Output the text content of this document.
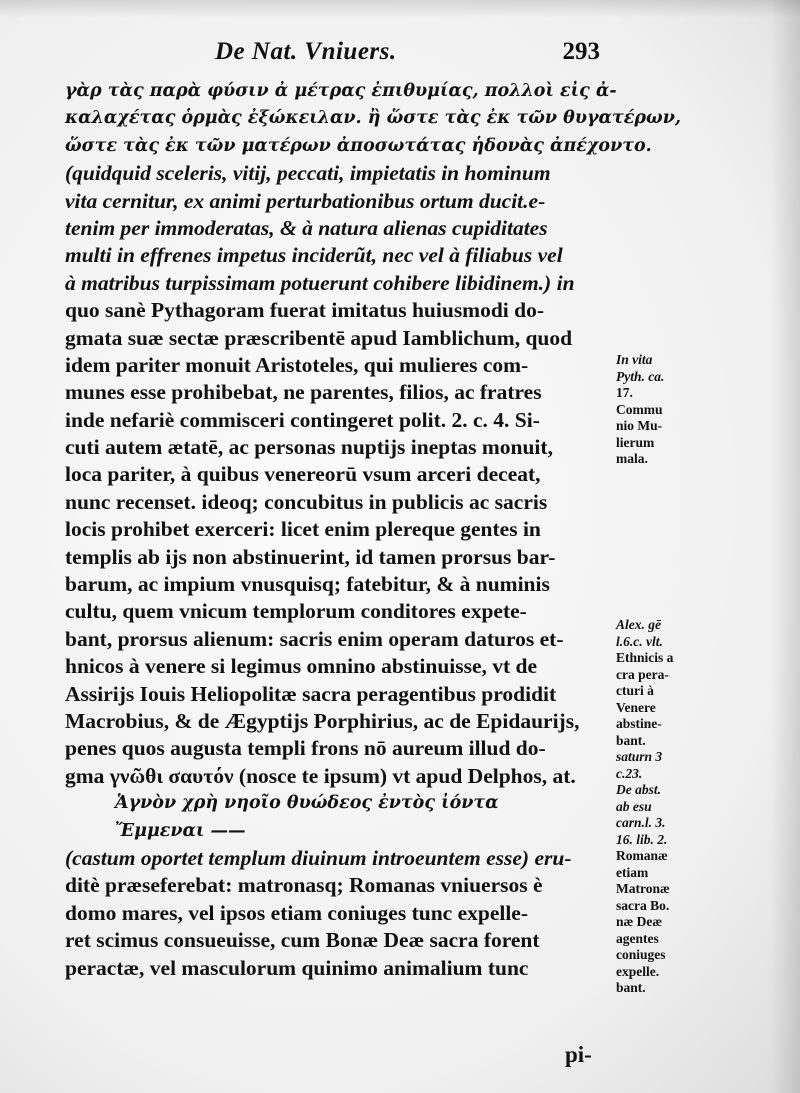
De Nat. Vniuers.	293
γὰρ τὰς παρὰ φύσιν ἀ μέτρας ἐπιθυμίας, πολλοὶ εἰς ἀ-
καλαχέτας ὁρμὰς ἐξώκειλαν. ἢ ὥστε τὰς ἐκ τῶν θυγατέρων,
ὥστε τὰς ἐκ τῶν ματέρων ἀποσωτάτας ἡδονὰς ἀπέχοντο.
(quidquid sceleris, vitij, peccati, impietatis in hominum
vita cernitur, ex animi perturbationibus ortum ducit.e-
tenim per immoderatas, & à natura alienas cupiditates
multi in effrenes impetus inciderũt, nec vel à filiabus vel
à matribus turpissimam potuerunt cohibere libidinem.) in
quo sanè Pythagoram fuerat imitatus huiusmodi do-
gmata suæ sectæ præscribentē apud Iamblichum, quod
idem pariter monuit Aristoteles, qui mulieres com-
munes esse prohibebat, ne parentes, filios, ac fratres
inde nefariè commisceri contingeret polit. 2. c. 4. Si-
cuti autem ætatē, ac personas nuptijs ineptas monuit,
loca pariter, à quibus venereorū vsum arceri deceat,
nunc recenset. ideoq; concubitus in publicis ac sacris
locis prohibet exerceri: licet enim plereque gentes in
templis ab ijs non abstinuerint, id tamen prorsus bar-
barum, ac impium vnusquisq; fatebitur, & à numinis
cultu, quem vnicum templorum conditores expete-
bant, prorsus alienum: sacris enim operam daturos et-
hnicos à venere si legimus omnino abstinuisse, vt de
Assirijs Iouis Heliopolitæ sacra peragentibus prodidit
Macrobius, & de Ægyptijs Porphirius, ac de Epidaurijs,
penes quos augusta templi frons nō aureum illud do-
gma γνῶθι σαυτόν (nosce te ipsum) vt apud Delphos, at.
Ἁγνὸν χρὴ νηοῖο θυώδεος ἐντὸς ἰόντα
Ἔμμεναι ——
(castum oportet templum diuinum introeuntem esse) eru-
ditè præseferebat: matronasq; Romanas vniuersos è
domo mares, vel ipsos etiam coniuges tunc expelle-
ret scimus consueuisse, cum Bonæ Deæ sacra forent
peractæ, vel masculorum quinimo animalium tunc
pi-
In vita
Pyth. ca.
17.
Commu
nio Mu-
lierum
mala.
Alex. gē
l.6.c. vlt.
Ethnicis a
cra pera-
cturi à
Venere
abstine-
bant.
saturn 3
c.23.
De abst.
ab esu
carn.l. 3.
16. lib. 2.
Romanæ
etiam
Matronæ
sacra Bo.
næ Deæ
agentes
coniuges
expelle.
bant.
